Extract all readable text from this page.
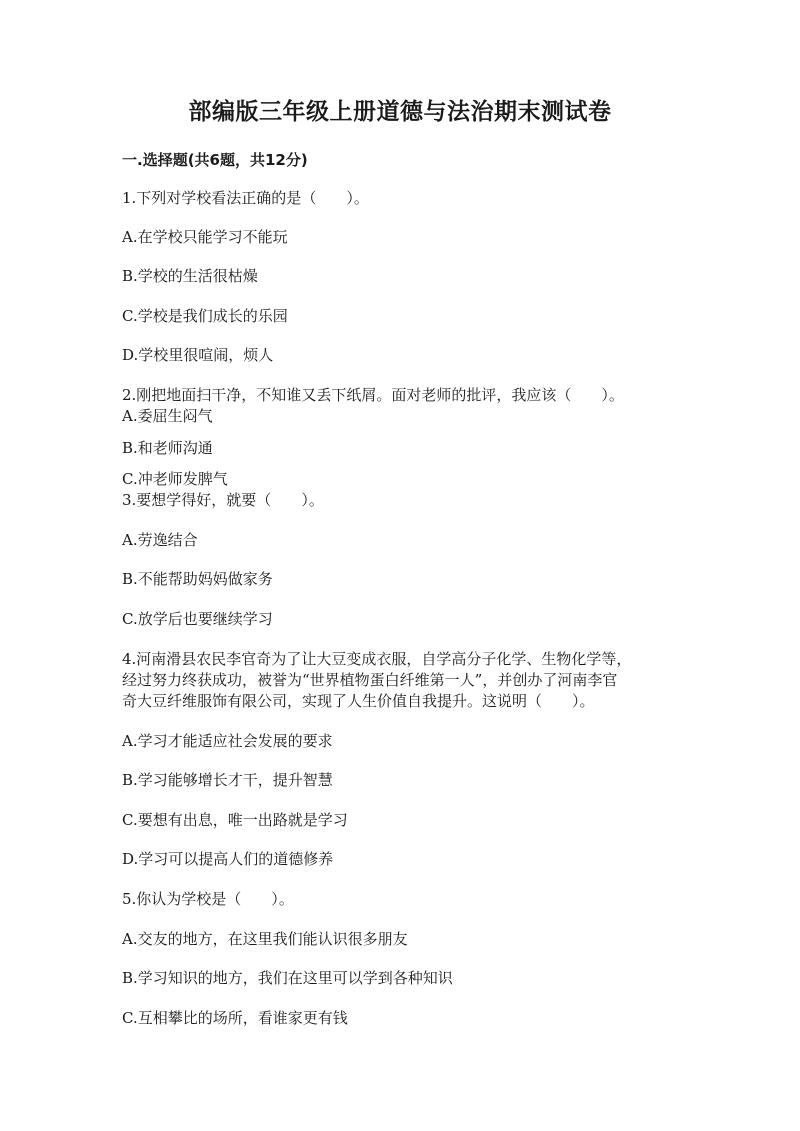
部编版三年级上册道德与法治期末测试卷
一.选择题(共6题，共12分)

1.下列对学校看法正确的是（　　）。

A.在学校只能学习不能玩

B.学校的生活很枯燥

C.学校是我们成长的乐园

D.学校里很喧闹，烦人

2.刚把地面扫干净，不知谁又丢下纸屑。面对老师的批评，我应该（　　）。

A.委屈生闷气

B.和老师沟通

C.冲老师发脾气

3.要想学得好，就要（　　）。

A.劳逸结合

B.不能帮助妈妈做家务

C.放学后也要继续学习

4.河南滑县农民李官奇为了让大豆变成衣服，自学高分子化学、生物化学等，

经过努力终获成功，被誉为“世界植物蛋白纤维第一人”，并创办了河南李官

奇大豆纤维服饰有限公司，实现了人生价值自我提升。这说明（　　）。

A.学习才能适应社会发展的要求

B.学习能够增长才干，提升智慧

C.要想有出息，唯一出路就是学习

D.学习可以提高人们的道德修养

5.你认为学校是（　　）。

A.交友的地方，在这里我们能认识很多朋友

B.学习知识的地方，我们在这里可以学到各种知识

C.互相攀比的场所，看谁家更有钱
